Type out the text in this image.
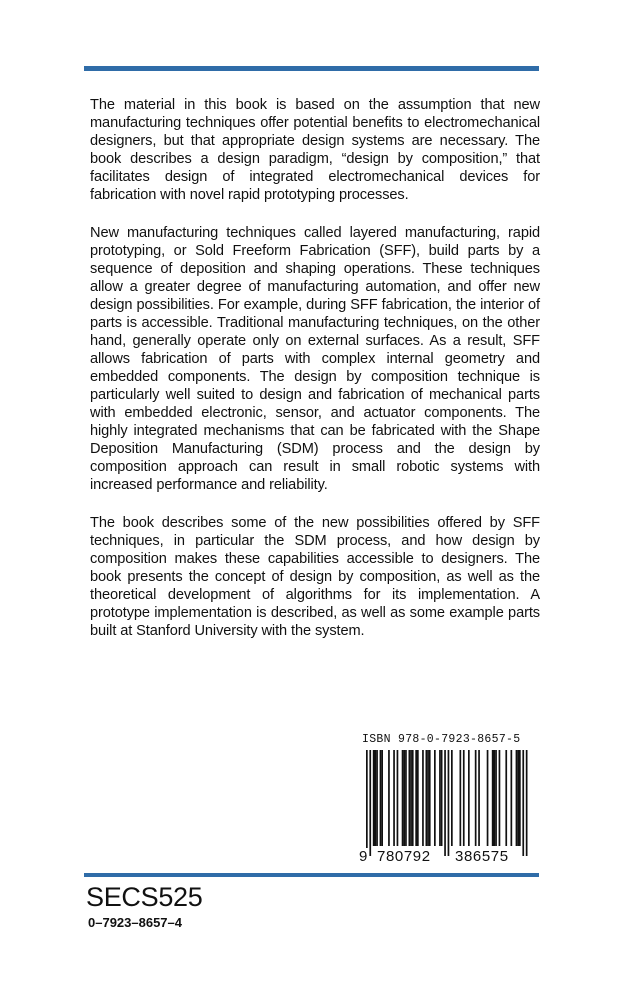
The material in this book is based on the assumption that new manufacturing techniques offer potential benefits to electromechanical designers, but that appropriate design systems are necessary. The book describes a design paradigm, “design by composition,” that facilitates design of integrated electromechanical devices for fabrication with novel rapid prototyping processes.

New manufacturing techniques called layered manufacturing, rapid prototyping, or Sold Freeform Fabrication (SFF), build parts by a sequence of deposition and shaping operations. These techniques allow a greater degree of manufacturing automation, and offer new design possibilities. For example, during SFF fabrication, the interior of parts is accessible. Traditional manufacturing techniques, on the other hand, generally operate only on external surfaces. As a result, SFF allows fabrication of parts with complex internal geometry and embedded components. The design by composition technique is particularly well suited to design and fabrication of mechanical parts with embedded electronic, sensor, and actuator components. The highly integrated mechanisms that can be fabricated with the Shape Deposition Manufacturing (SDM) process and the design by composition approach can result in small robotic systems with increased performance and reliability.

The book describes some of the new possibilities offered by SFF techniques, in particular the SDM process, and how design by composition makes these capabilities accessible to designers. The book presents the concept of design by composition, as well as the theoretical development of algorithms for its implementation. A prototype implementation is described, as well as some example parts built at Stanford University with the system.

ISBN 978-0-7923-8657-5
9 780792 386575
SECS525
0–7923–8657–4
